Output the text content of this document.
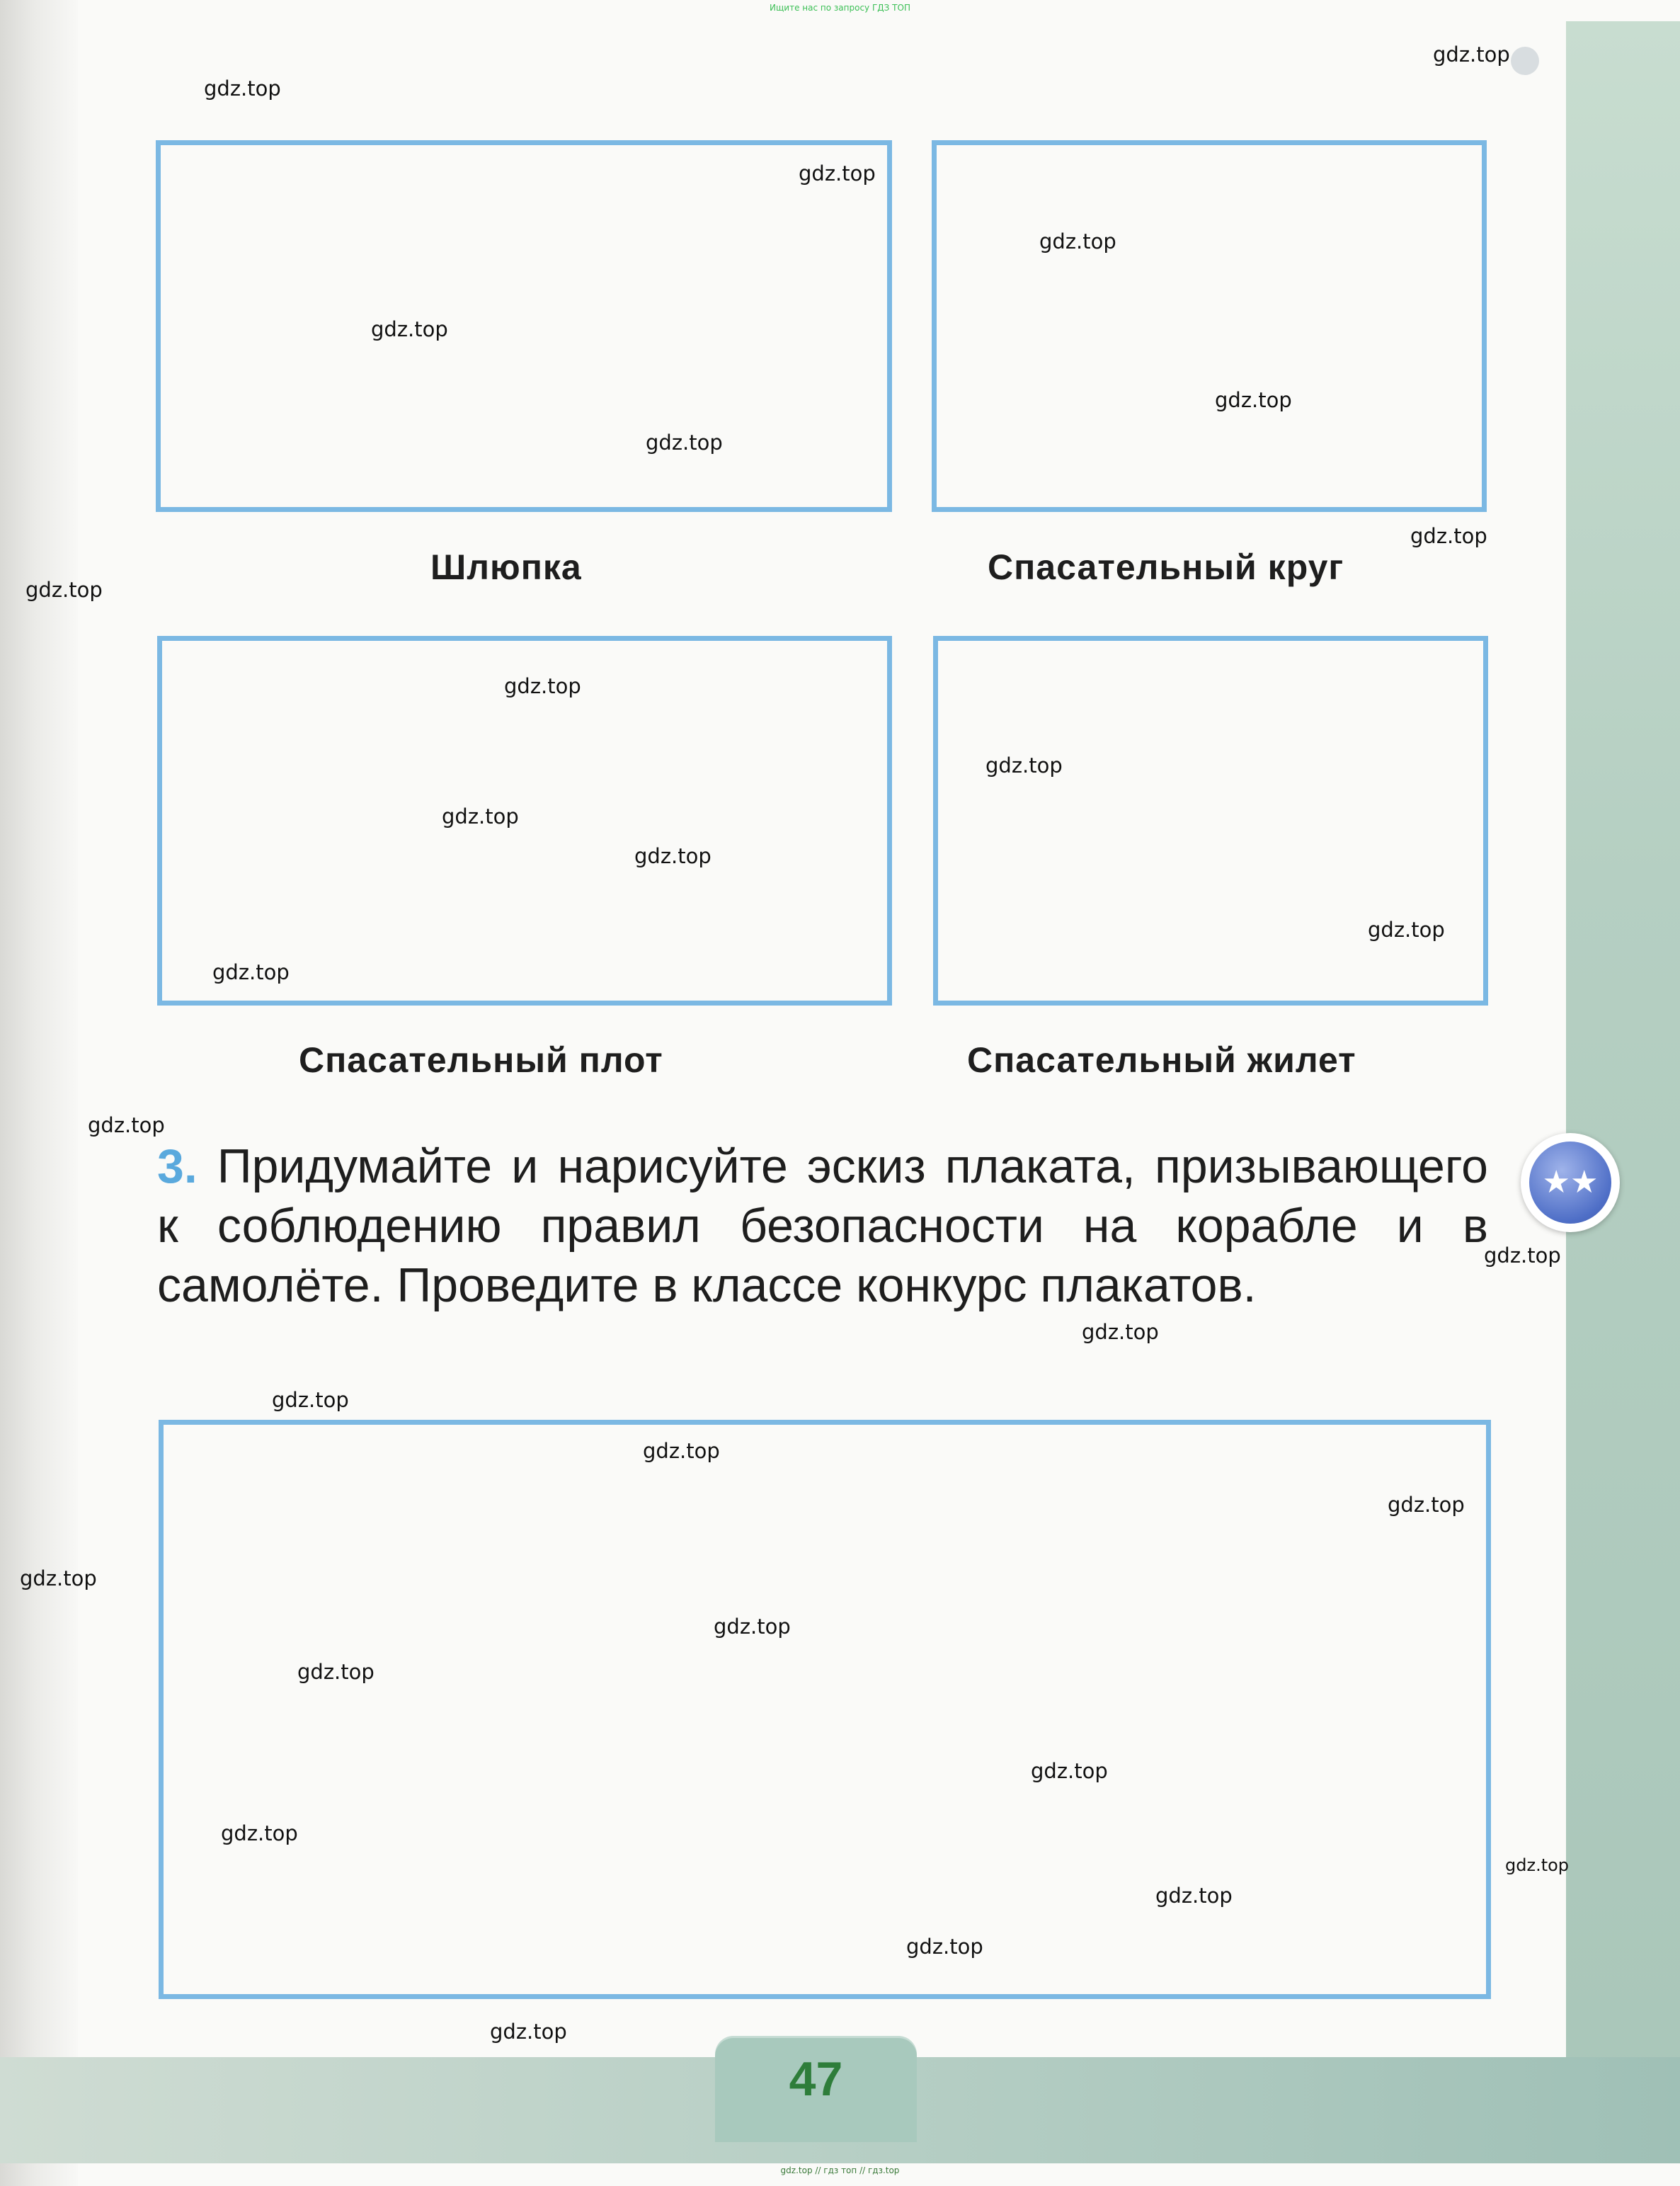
Ищите нас по запросу ГДЗ ТОП
Шлюпка	Спасательный круг
Спасательный плот	Спасательный жилет
3. Придумайте и нарисуйте эскиз плаката, призывающего к соблюдению правил безопасности на корабле и в самолёте. Проведите в классе конкурс плакатов.
★★
47
gdz.top // гдз топ // гдз.top
gdz.top
gdz.top
gdz.top
gdz.top
gdz.top
gdz.top
gdz.top
gdz.top
gdz.top
gdz.top
gdz.top
gdz.top
gdz.top
gdz.top
gdz.top
gdz.top
gdz.top
gdz.top
gdz.top
gdz.top
gdz.top
gdz.top
gdz.top
gdz.top
gdz.top
gdz.top
gdz.top
gdz.top
gdz.top
gdz.top
